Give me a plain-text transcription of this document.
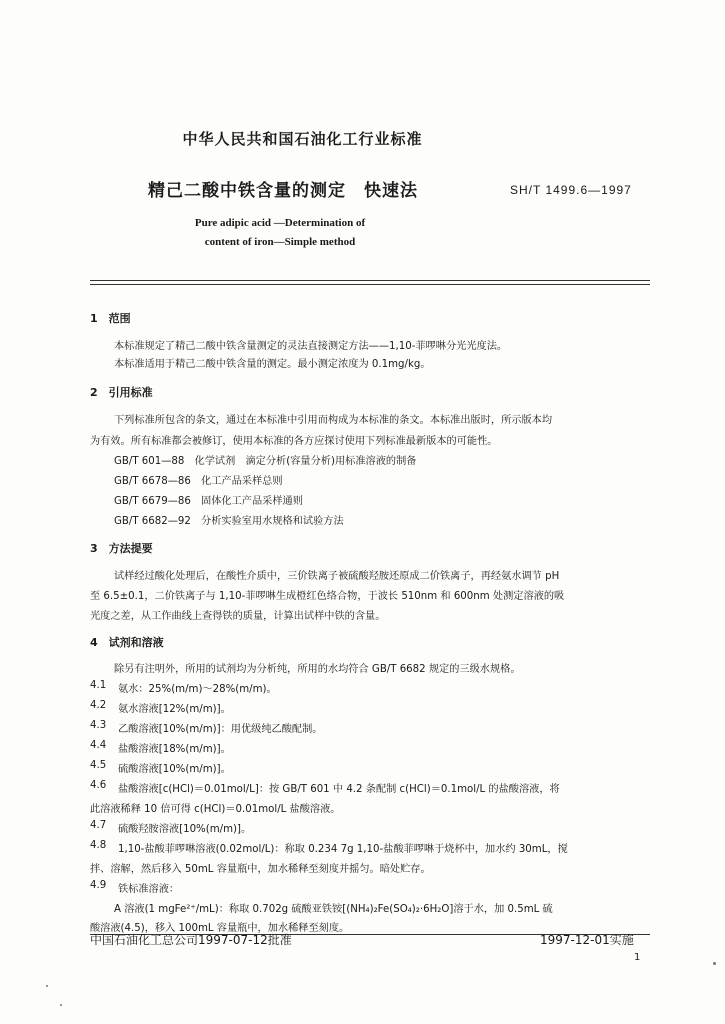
中华人民共和国石油化工行业标准
精己二酸中铁含量的测定　快速法	SH/T 1499.6—1997
Pure adipic acid —Determination of
content of iron—Simple method
1　范围
本标准规定了精己二酸中铁含量测定的灵法直接测定方法——1,10-菲啰啉分光光度法。
本标准适用于精己二酸中铁含量的测定。最小测定浓度为 0.1mg/kg。
2　引用标准
下列标准所包含的条文，通过在本标准中引用而构成为本标准的条文。本标准出版时，所示版本均
为有效。所有标准都会被修订，使用本标准的各方应探讨使用下列标准最新版本的可能性。
GB/T 601—88　化学试剂　滴定分析(容量分析)用标准溶液的制备
GB/T 6678—86　化工产品采样总则
GB/T 6679—86　固体化工产品采样通则
GB/T 6682—92　分析实验室用水规格和试验方法
3　方法提要
试样经过酸化处理后，在酸性介质中，三价铁离子被硫酸羟胺还原成二价铁离子，再经氨水调节 pH
至 6.5±0.1，二价铁离子与 1,10-菲啰啉生成橙红色络合物，于波长 510nm 和 600nm 处测定溶液的吸
光度之差，从工作曲线上查得铁的质量，计算出试样中铁的含量。
4　试剂和溶液
除另有注明外，所用的试剂均为分析纯，所用的水均符合 GB/T 6682 规定的三级水规格。
4.1 氨水：25%(m/m)～28%(m/m)。
4.2 氨水溶液[12%(m/m)]。
4.3 乙酸溶液[10%(m/m)]：用优级纯乙酸配制。
4.4 盐酸溶液[18%(m/m)]。
4.5 硫酸溶液[10%(m/m)]。
4.6 盐酸溶液[c(HCl)＝0.01mol/L]：按 GB/T 601 中 4.2 条配制 c(HCl)＝0.1mol/L 的盐酸溶液，将
此溶液稀释 10 倍可得 c(HCl)＝0.01mol/L 盐酸溶液。
4.7 硫酸羟胺溶液[10%(m/m)]。
4.8 1,10-盐酸菲啰啉溶液(0.02mol/L)：称取 0.234 7g 1,10-盐酸菲啰啉于烧杯中，加水约 30mL，搅
拌、溶解，然后移入 50mL 容量瓶中，加水稀释至刻度并摇匀。暗处贮存。
4.9 铁标准溶液：
A 溶液(1 mgFe²⁺/mL)：称取 0.702g 硫酸亚铁铵[(NH₄)₂Fe(SO₄)₂·6H₂O]溶于水，加 0.5mL 硫
酸溶液(4.5)，移入 100mL 容量瓶中，加水稀释至刻度。
中国石油化工总公司1997-07-12批准	1997-12-01实施
1
